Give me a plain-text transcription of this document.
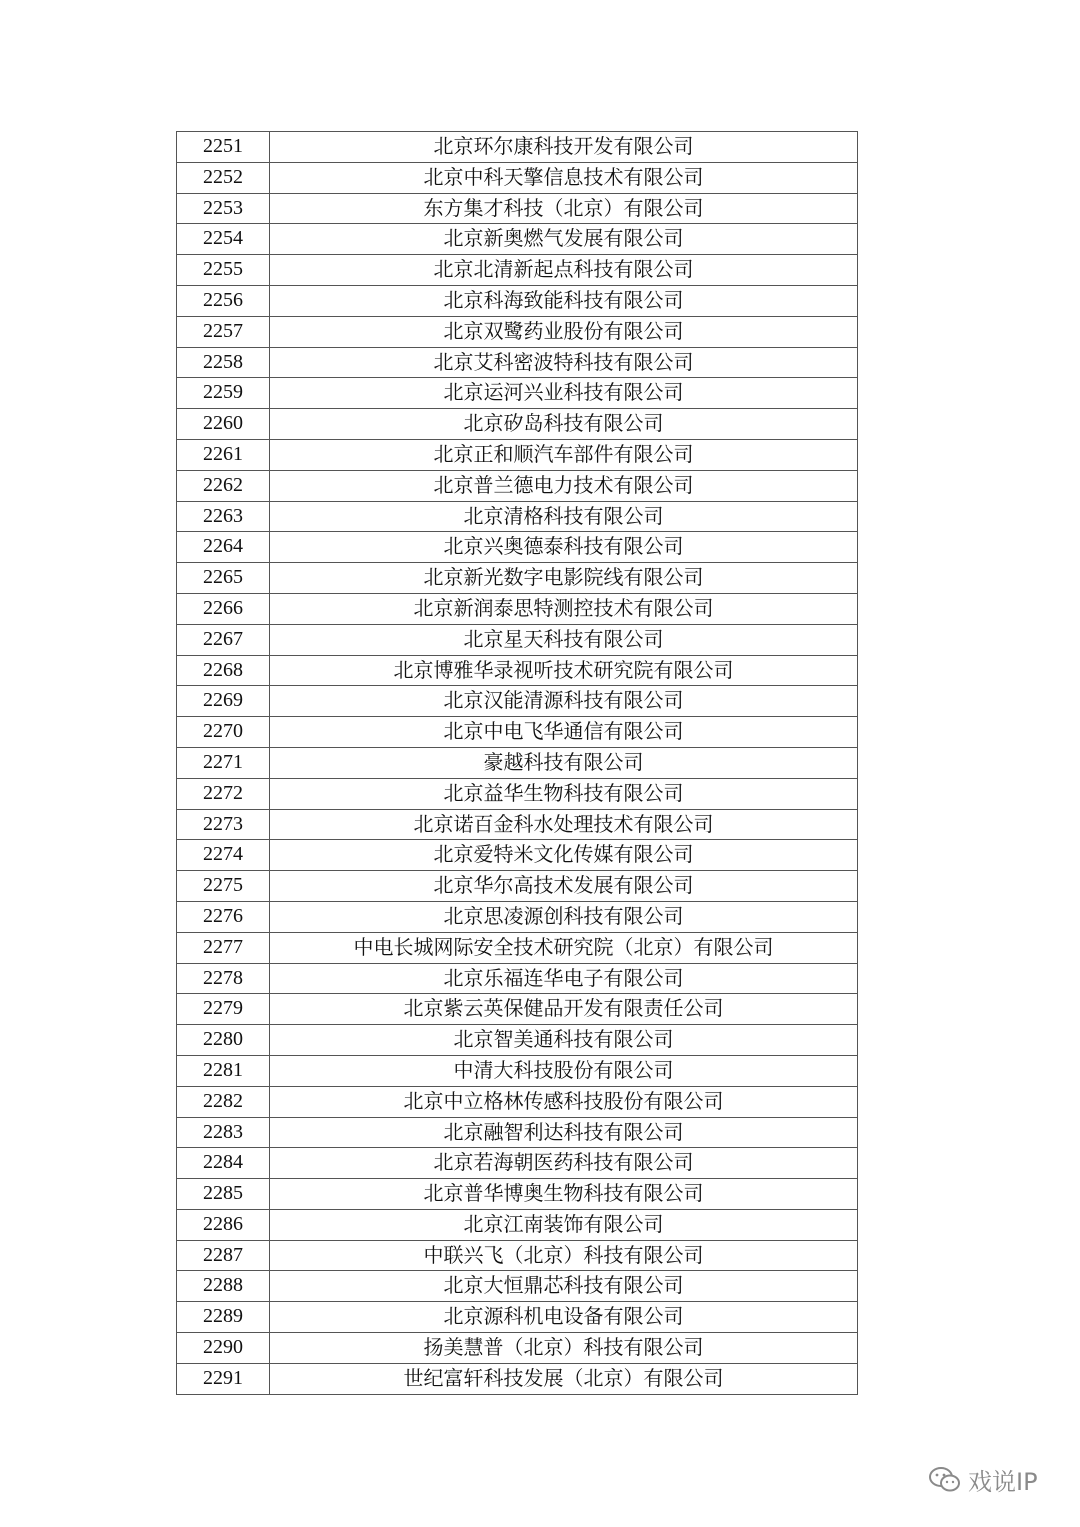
2251	北京环尔康科技开发有限公司
2252	北京中科天擎信息技术有限公司
2253	东方集才科技（北京）有限公司
2254	北京新奥燃气发展有限公司
2255	北京北清新起点科技有限公司
2256	北京科海致能科技有限公司
2257	北京双鹭药业股份有限公司
2258	北京艾科密波特科技有限公司
2259	北京运河兴业科技有限公司
2260	北京矽岛科技有限公司
2261	北京正和顺汽车部件有限公司
2262	北京普兰德电力技术有限公司
2263	北京清格科技有限公司
2264	北京兴奥德泰科技有限公司
2265	北京新光数字电影院线有限公司
2266	北京新润泰思特测控技术有限公司
2267	北京星天科技有限公司
2268	北京博雅华录视听技术研究院有限公司
2269	北京汉能清源科技有限公司
2270	北京中电飞华通信有限公司
2271	豪越科技有限公司
2272	北京益华生物科技有限公司
2273	北京诺百金科水处理技术有限公司
2274	北京爱特米文化传媒有限公司
2275	北京华尔高技术发展有限公司
2276	北京思凌源创科技有限公司
2277	中电长城网际安全技术研究院（北京）有限公司
2278	北京乐福连华电子有限公司
2279	北京紫云英保健品开发有限责任公司
2280	北京智美通科技有限公司
2281	中清大科技股份有限公司
2282	北京中立格林传感科技股份有限公司
2283	北京融智利达科技有限公司
2284	北京若海朝医药科技有限公司
2285	北京普华博奥生物科技有限公司
2286	北京江南装饰有限公司
2287	中联兴飞（北京）科技有限公司
2288	北京大恒鼎芯科技有限公司
2289	北京源科机电设备有限公司
2290	扬美慧普（北京）科技有限公司
2291	世纪富轩科技发展（北京）有限公司
戏说IP
